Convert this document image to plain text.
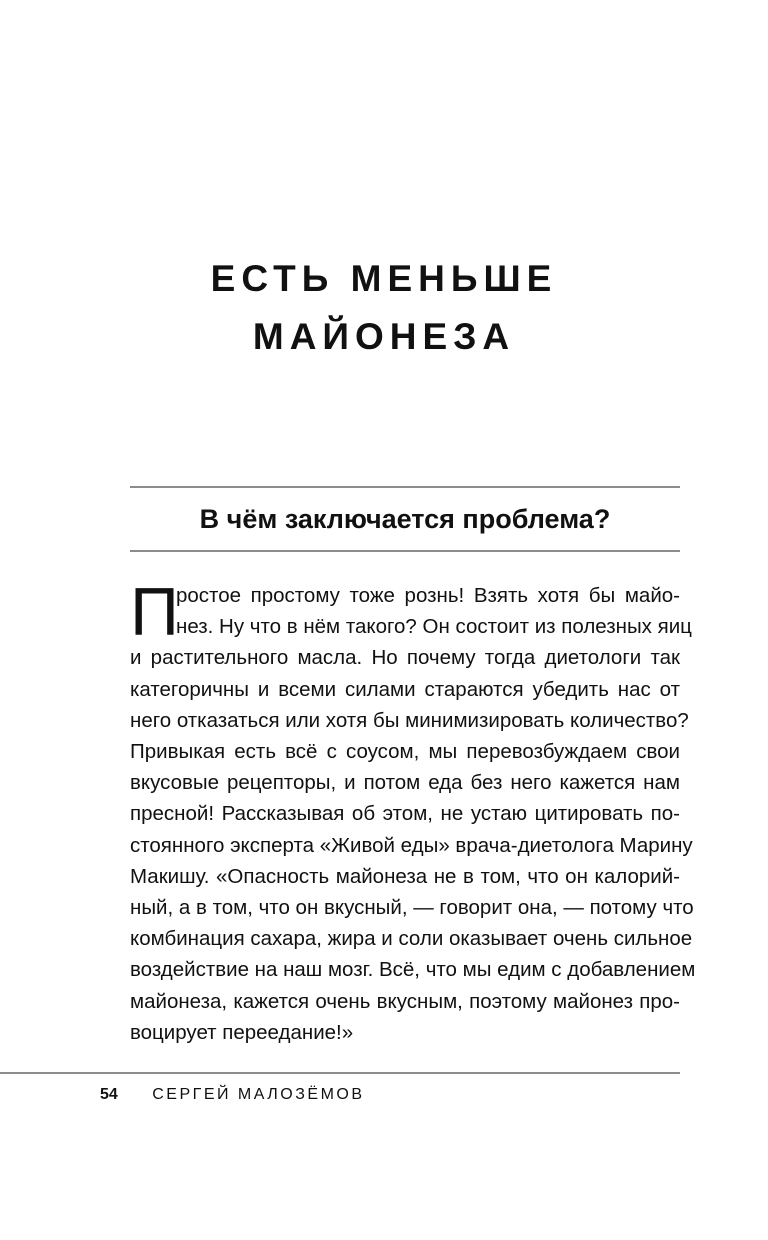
ЕСТЬ МЕНЬШЕ
МАЙОНЕЗА
В чём заключается проблема?
П
ростое простому тоже рознь! Взять хотя бы майо-
нез. Ну что в нём такого? Он состоит из полезных яиц
и растительного масла. Но почему тогда диетологи так
категоричны и всеми силами стараются убедить нас от
него отказаться или хотя бы минимизировать количество?
Привыкая есть всё с соусом, мы перевозбуждаем свои
вкусовые рецепторы, и потом еда без него кажется нам
пресной! Рассказывая об этом, не устаю цитировать по-
стоянного эксперта «Живой еды» врача-диетолога Марину
Макишу. «Опасность майонеза не в том, что он калорий-
ный, а в том, что он вкусный, — говорит она, — потому что
комбинация сахара, жира и соли оказывает очень сильное
воздействие на наш мозг. Всё, что мы едим с добавлением
майонеза, кажется очень вкусным, поэтому майонез про-
воцирует переедание!»
54 СЕРГЕЙ МАЛОЗЁМОВ
